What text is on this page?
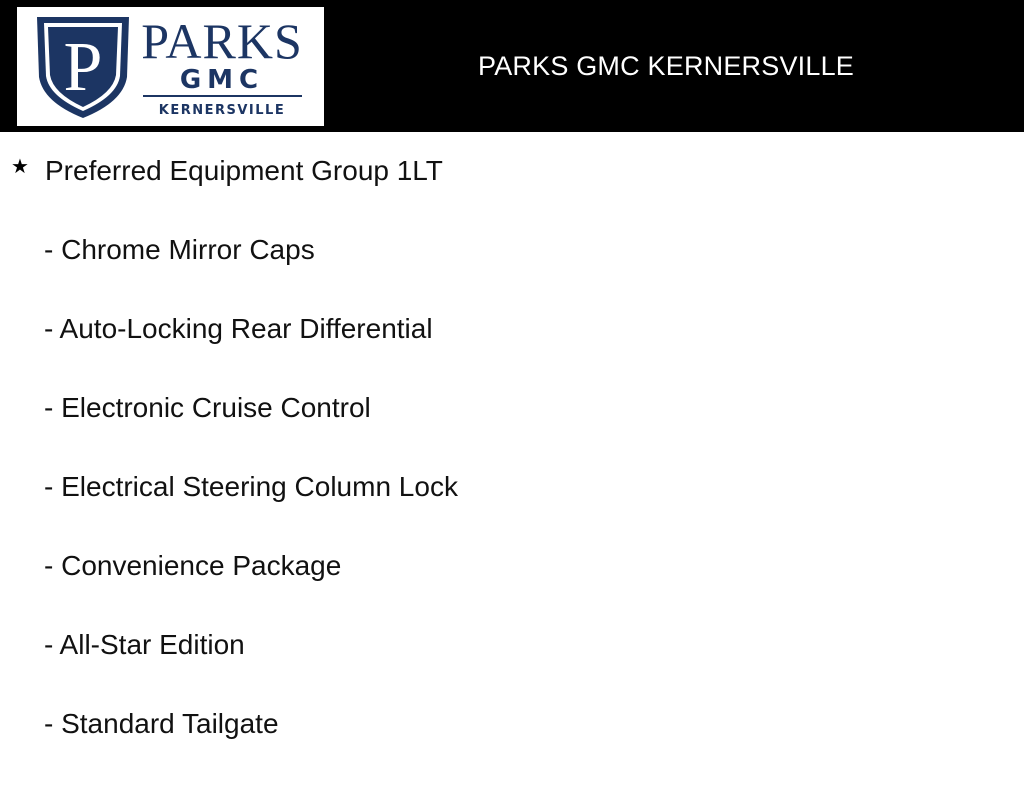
P PARKS
GMC
KERNERSVILLE
PARKS GMC KERNERSVILLE
★ Preferred Equipment Group 1LT
- Chrome Mirror Caps
- Auto-Locking Rear Differential
- Electronic Cruise Control
- Electrical Steering Column Lock
- Convenience Package
- All-Star Edition
- Standard Tailgate
